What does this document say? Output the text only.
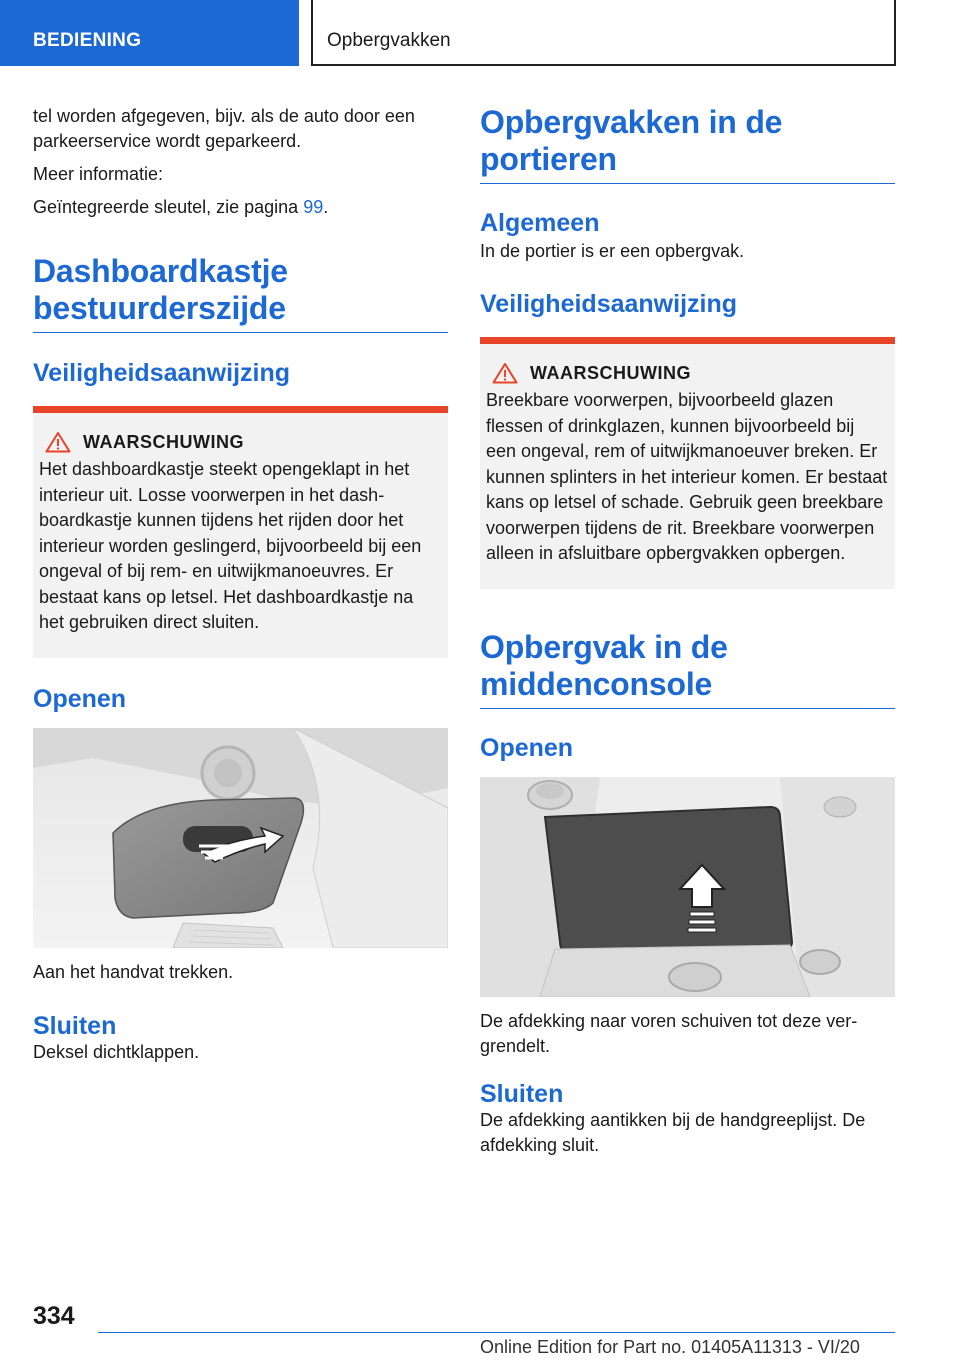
BEDIENING	Opbergvakken

tel worden afgegeven, bijv. als de auto door een parkeerservice wordt geparkeerd.

Meer informatie:

Geïntegreerde sleutel, zie pagina 99.

Dashboardkastje bestuurderszijde
Veiligheidsaanwijzing
WAARSCHUWING

Het dashboardkastje steekt opengeklapt in het interieur uit. Losse voorwerpen in het dash-boardkastje kunnen tijdens het rijden door het interieur worden geslingerd, bijvoorbeeld bij een ongeval of bij rem- en uitwijkmanoeuvres. Er bestaat kans op letsel. Het dashboardkastje na het gebruiken direct sluiten.

Openen

Aan het handvat trekken.

Sluiten

Deksel dichtklappen.

Opbergvakken in de portieren
Algemeen

In de portier is er een opbergvak.

Veiligheidsaanwijzing
WAARSCHUWING

Breekbare voorwerpen, bijvoorbeeld glazen flessen of drinkglazen, kunnen bijvoorbeeld bij een ongeval, rem of uitwijkmanoeuver breken. Er kunnen splinters in het interieur komen. Er bestaat kans op letsel of schade. Gebruik geen breekbare voorwerpen tijdens de rit. Breekbare voorwerpen alleen in afsluitbare opbergvakken opbergen.

Opbergvak in de middenconsole
Openen

De afdekking naar voren schuiven tot deze ver-grendelt.

Sluiten

De afdekking aantikken bij de handgreeplijst. De afdekking sluit.

334
Online Edition for Part no. 01405A11313 - VI/20
